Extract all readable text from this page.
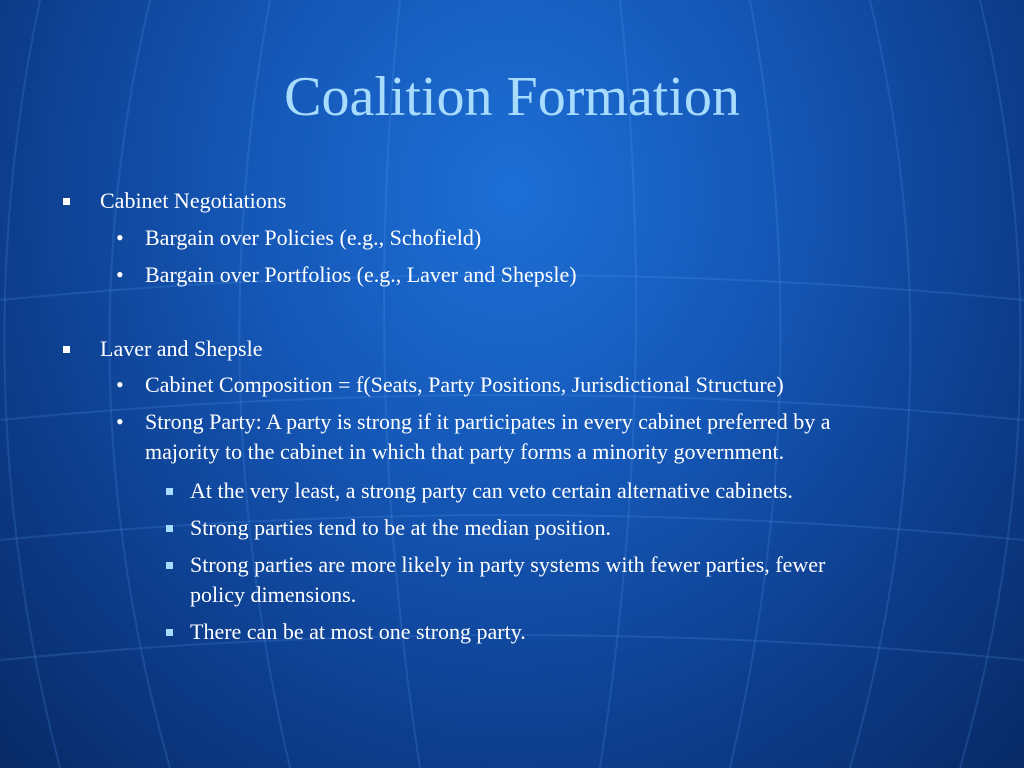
Coalition Formation
Cabinet Negotiations
• Bargain over Policies (e.g., Schofield)
• Bargain over Portfolios (e.g., Laver and Shepsle)
Laver and Shepsle
• Cabinet Composition = f(Seats, Party Positions, Jurisdictional Structure)
• Strong Party: A party is strong if it participates in every cabinet preferred by a
majority to the cabinet in which that party forms a minority government.
At the very least, a strong party can veto certain alternative cabinets.
Strong parties tend to be at the median position.
Strong parties are more likely in party systems with fewer parties, fewer
policy dimensions.
There can be at most one strong party.
